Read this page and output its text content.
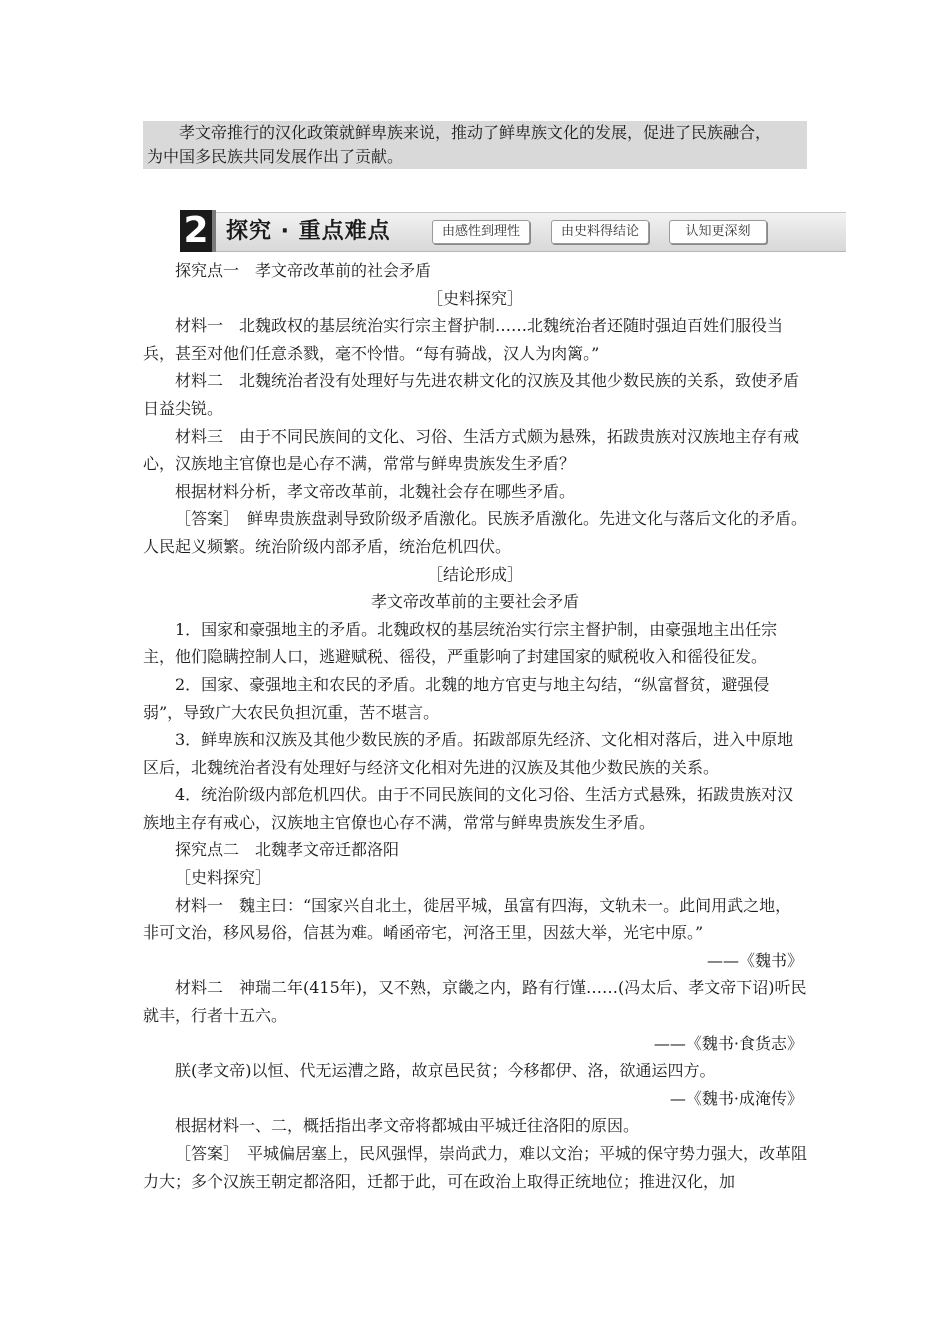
孝文帝推行的汉化政策就鲜卑族来说，推动了鲜卑族文化的发展，促进了民族融合，

为中国多民族共同发展作出了贡献。

2 探究 · 重点难点	由感性到理性	由史料得结论	认知更深刻

探究点一　孝文帝改革前的社会矛盾

［史料探究］

材料一　北魏政权的基层统治实行宗主督护制……北魏统治者还随时强迫百姓们服役当兵，甚至对他们任意杀戮，毫不怜惜。“每有骑战，汉人为肉篱。”

材料二　北魏统治者没有处理好与先进农耕文化的汉族及其他少数民族的关系，致使矛盾日益尖锐。

材料三　由于不同民族间的文化、习俗、生活方式颇为悬殊，拓跋贵族对汉族地主存有戒心，汉族地主官僚也是心存不满，常常与鲜卑贵族发生矛盾？

根据材料分析，孝文帝改革前，北魏社会存在哪些矛盾。

［答案］　鲜卑贵族盘剥导致阶级矛盾激化。民族矛盾激化。先进文化与落后文化的矛盾。人民起义频繁。统治阶级内部矛盾，统治危机四伏。

［结论形成］

孝文帝改革前的主要社会矛盾

1．国家和豪强地主的矛盾。北魏政权的基层统治实行宗主督护制，由豪强地主出任宗主，他们隐瞒控制人口，逃避赋税、徭役，严重影响了封建国家的赋税收入和徭役征发。

2．国家、豪强地主和农民的矛盾。北魏的地方官吏与地主勾结，“纵富督贫，避强侵弱”，导致广大农民负担沉重，苦不堪言。

3．鲜卑族和汉族及其他少数民族的矛盾。拓跋部原先经济、文化相对落后，进入中原地区后，北魏统治者没有处理好与经济文化相对先进的汉族及其他少数民族的关系。

4．统治阶级内部危机四伏。由于不同民族间的文化习俗、生活方式悬殊，拓跋贵族对汉族地主存有戒心，汉族地主官僚也心存不满，常常与鲜卑贵族发生矛盾。

探究点二　北魏孝文帝迁都洛阳

［史料探究］

材料一　魏主曰：“国家兴自北土，徙居平城，虽富有四海，文轨未一。此间用武之地，非可文治，移风易俗，信甚为难。崤函帝宅，河洛王里，因兹大举，光宅中原。”

——《魏书》

材料二　神瑞二年(415年)，又不熟，京畿之内，路有行馑……(冯太后、孝文帝下诏)听民就丰，行者十五六。

——《魏书·食货志》

朕(孝文帝)以恒、代无运漕之路，故京邑民贫；今移都伊、洛，欲通运四方。

—《魏书·成淹传》

根据材料一、二，概括指出孝文帝将都城由平城迁往洛阳的原因。

［答案］　平城偏居塞上，民风强悍，崇尚武力，难以文治；平城的保守势力强大，改革阻力大；多个汉族王朝定都洛阳，迁都于此，可在政治上取得正统地位；推进汉化，加
